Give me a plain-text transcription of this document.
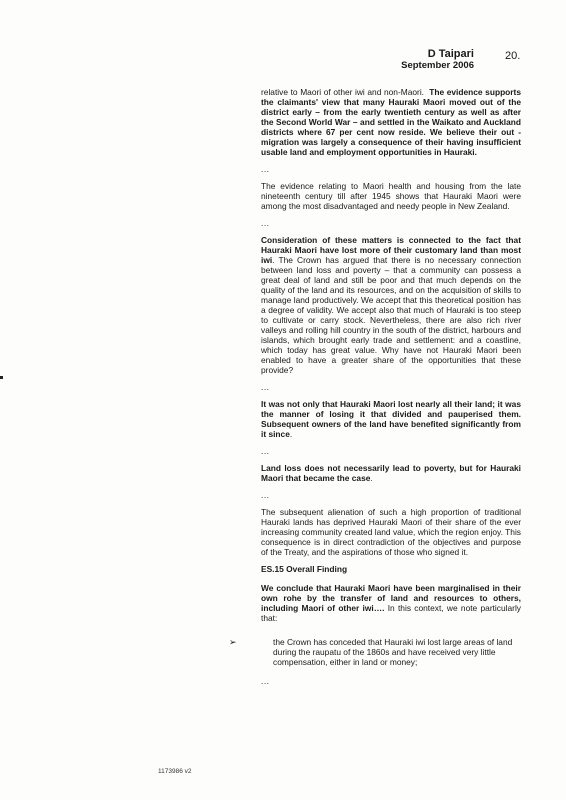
D Taipari
September 2006
20.

relative to Maori of other iwi and non-Maori. The evidence supports the claimants' view that many Hauraki Maori moved out of the district early – from the early twentieth century as well as after the Second World War – and settled in the Waikato and Auckland districts where 67 per cent now reside. We believe their out - migration was largely a consequence of their having insufficient usable land and employment opportunities in Hauraki.

...

The evidence relating to Maori health and housing from the late nineteenth century till after 1945 shows that Hauraki Maori were among the most disadvantaged and needy people in New Zealand.

...

Consideration of these matters is connected to the fact that Hauraki Maori have lost more of their customary land than most iwi. The Crown has argued that there is no necessary connection between land loss and poverty – that a community can possess a great deal of land and still be poor and that much depends on the quality of the land and its resources, and on the acquisition of skills to manage land productively. We accept that this theoretical position has a degree of validity. We accept also that much of Hauraki is too steep to cultivate or carry stock. Nevertheless, there are also rich river valleys and rolling hill country in the south of the district, harbours and islands, which brought early trade and settlement: and a coastline, which today has great value. Why have not Hauraki Maori been enabled to have a greater share of the opportunities that these provide?

...

It was not only that Hauraki Maori lost nearly all their land; it was the manner of losing it that divided and pauperised them. Subsequent owners of the land have benefited significantly from it since.

...

Land loss does not necessarily lead to poverty, but for Hauraki Maori that became the case.

...

The subsequent alienation of such a high proportion of traditional Hauraki lands has deprived Hauraki Maori of their share of the ever increasing community created land value, which the region enjoy. This consequence is in direct contradiction of the objectives and purpose of the Treaty, and the aspirations of those who signed it.

ES.15 Overall Finding

We conclude that Hauraki Maori have been marginalised in their own rohe by the transfer of land and resources to others, including Maori of other iwi…. In this context, we note particularly that:

➢	the Crown has conceded that Hauraki iwi lost large areas of land during the raupatu of the 1860s and have received very little compensation, either in land or money;
...
1173986 v2
